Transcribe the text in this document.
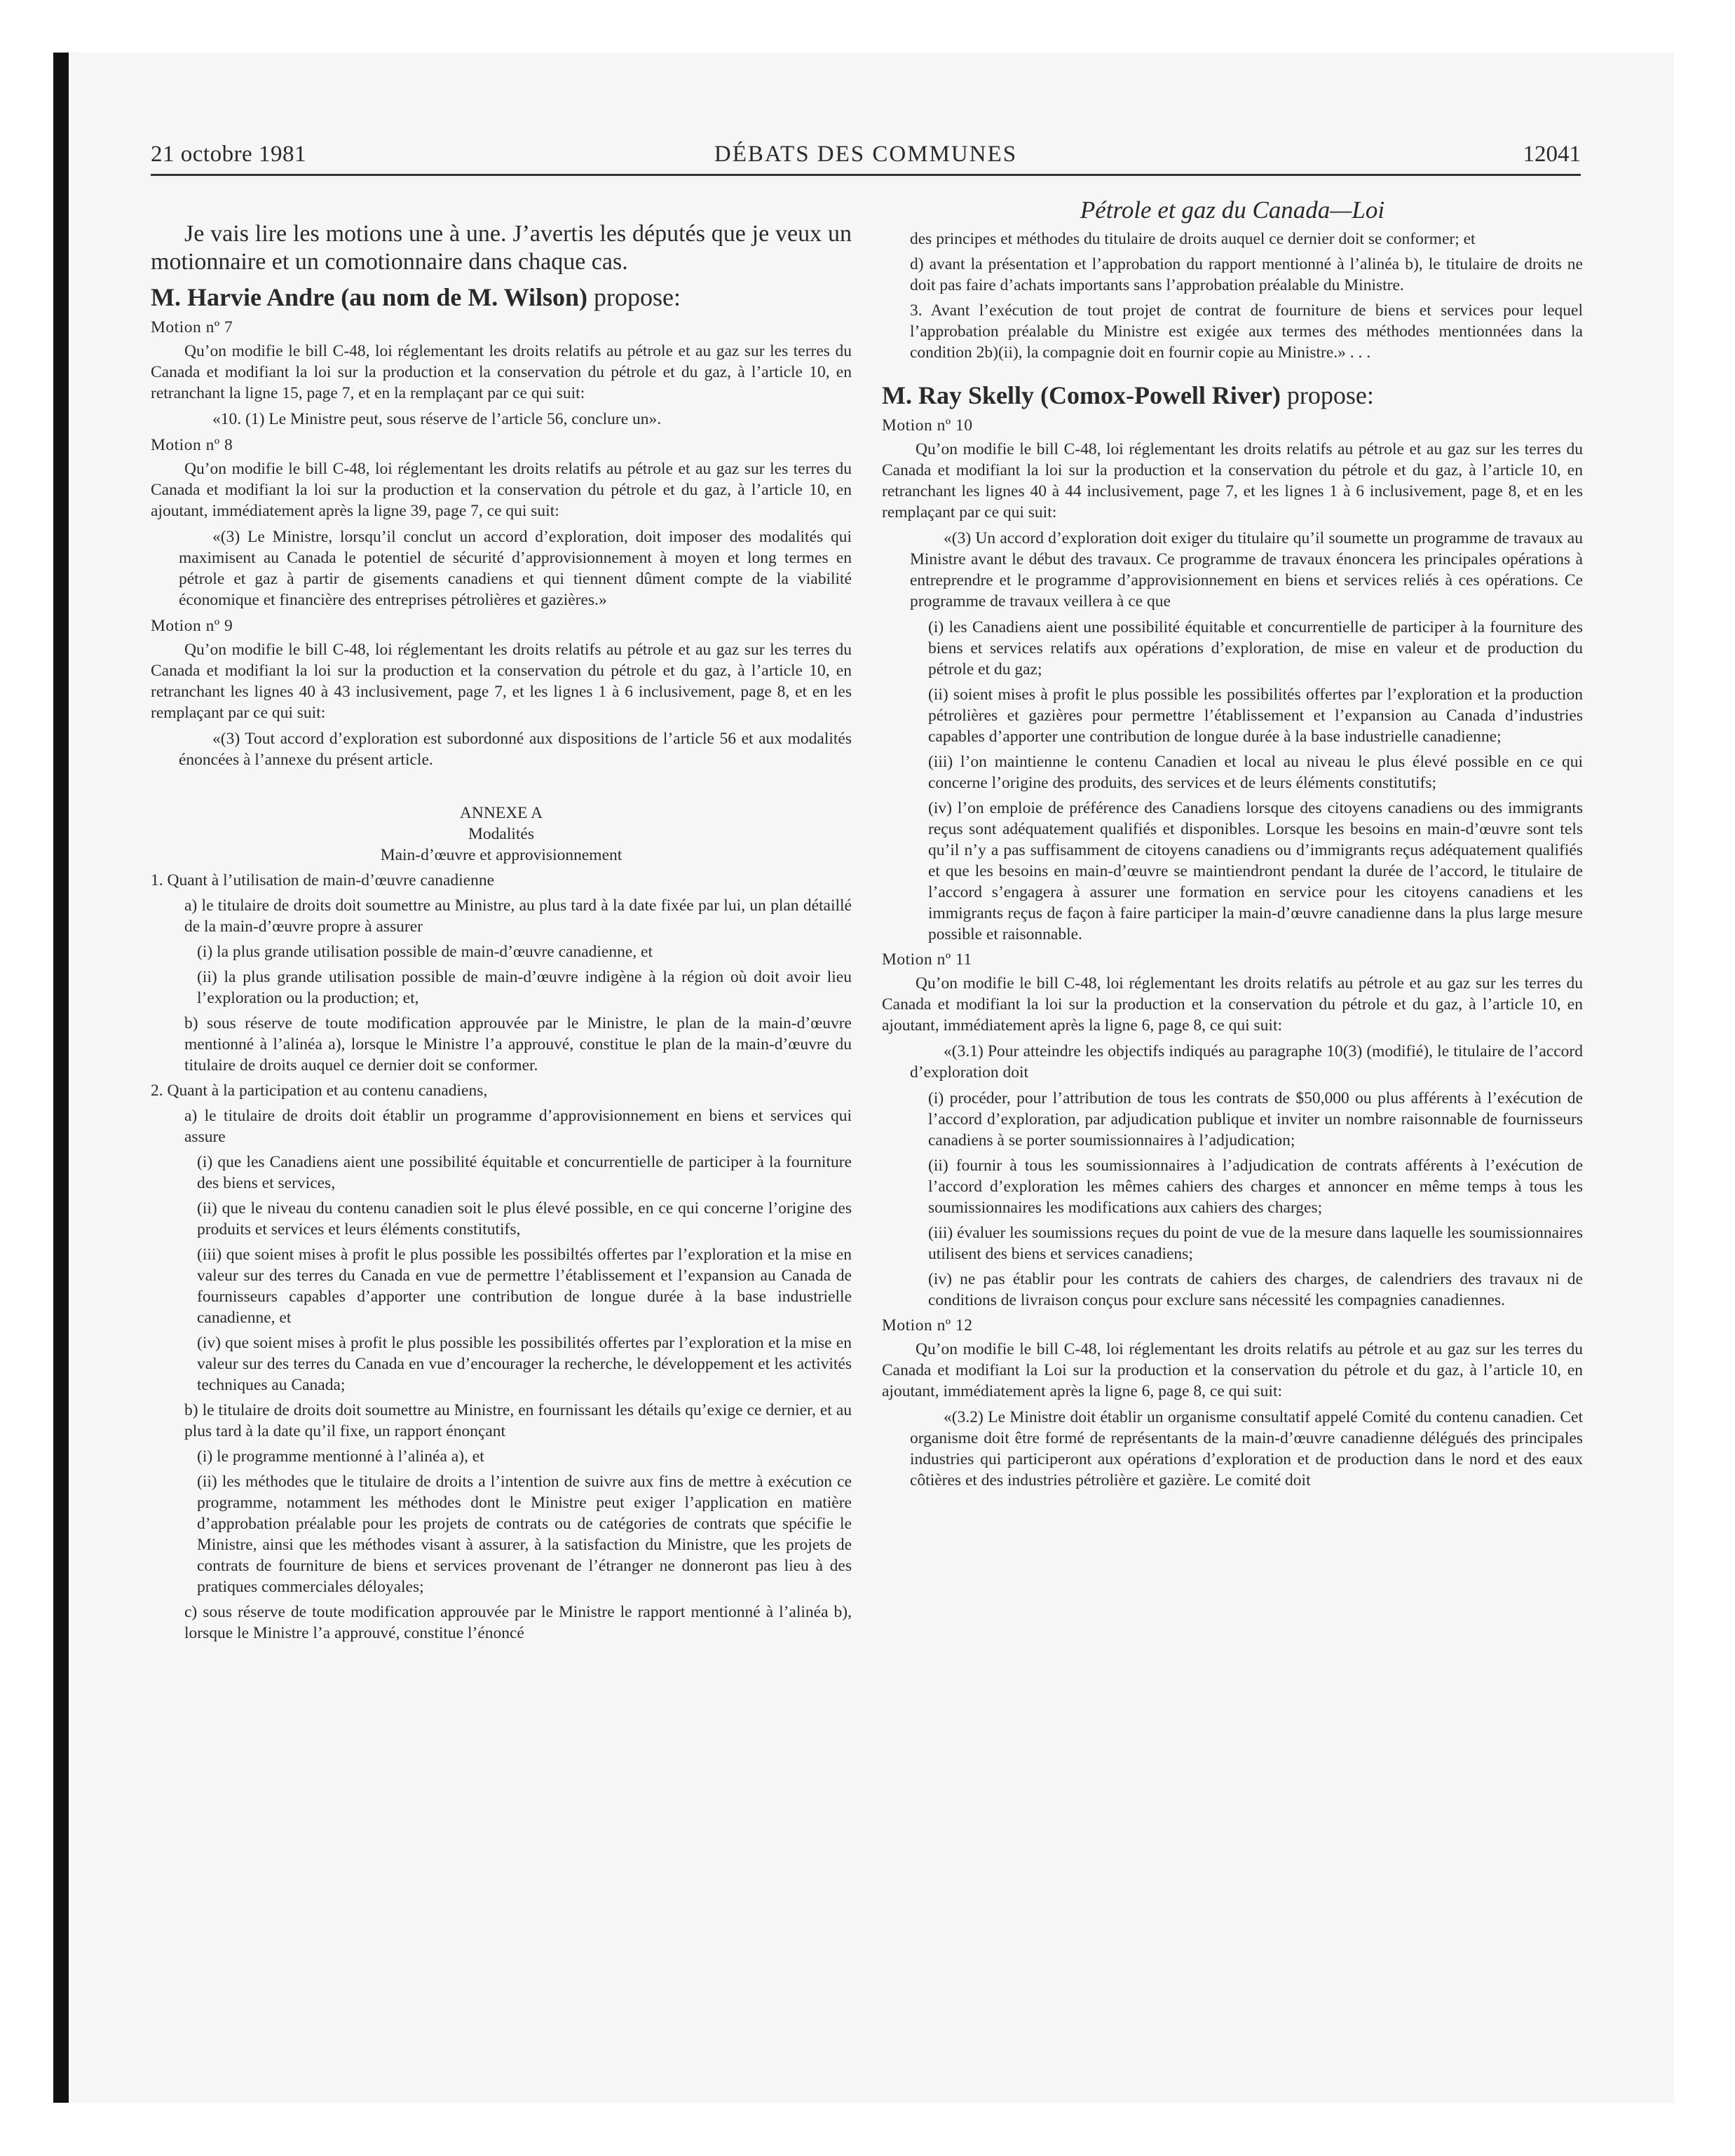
21 octobre 1981	DÉBATS DES COMMUNES	12041

Je vais lire les motions une à une. J’avertis les députés que je veux un motionnaire et un comotionnaire dans chaque cas.

M. Harvie Andre (au nom de M. Wilson) propose:

Motion nº 7

Qu’on modifie le bill C-48, loi réglementant les droits relatifs au pétrole et au gaz sur les terres du Canada et modifiant la loi sur la production et la conservation du pétrole et du gaz, à l’article 10, en retranchant la ligne 15, page 7, et en la remplaçant par ce qui suit:

«10. (1) Le Ministre peut, sous réserve de l’article 56, conclure un».

Motion nº 8

Qu’on modifie le bill C-48, loi réglementant les droits relatifs au pétrole et au gaz sur les terres du Canada et modifiant la loi sur la production et la conservation du pétrole et du gaz, à l’article 10, en ajoutant, immédiatement après la ligne 39, page 7, ce qui suit:

«(3) Le Ministre, lorsqu’il conclut un accord d’exploration, doit imposer des modalités qui maximisent au Canada le potentiel de sécurité d’approvisionnement à moyen et long termes en pétrole et gaz à partir de gisements canadiens et qui tiennent dûment compte de la viabilité économique et financière des entreprises pétrolières et gazières.»

Motion nº 9

Qu’on modifie le bill C-48, loi réglementant les droits relatifs au pétrole et au gaz sur les terres du Canada et modifiant la loi sur la production et la conservation du pétrole et du gaz, à l’article 10, en retranchant les lignes 40 à 43 inclusivement, page 7, et les lignes 1 à 6 inclusivement, page 8, et en les remplaçant par ce qui suit:

«(3) Tout accord d’exploration est subordonné aux dispositions de l’article 56 et aux modalités énoncées à l’annexe du présent article.

ANNEXE A

Modalités

Main-d’œuvre et approvisionnement

1. Quant à l’utilisation de main-d’œuvre canadienne

a) le titulaire de droits doit soumettre au Ministre, au plus tard à la date fixée par lui, un plan détaillé de la main-d’œuvre propre à assurer

(i) la plus grande utilisation possible de main-d’œuvre canadienne, et

(ii) la plus grande utilisation possible de main-d’œuvre indigène à la région où doit avoir lieu l’exploration ou la production; et,

b) sous réserve de toute modification approuvée par le Ministre, le plan de la main-d’œuvre mentionné à l’alinéa a), lorsque le Ministre l’a approuvé, constitue le plan de la main-d’œuvre du titulaire de droits auquel ce dernier doit se conformer.

2. Quant à la participation et au contenu canadiens,

a) le titulaire de droits doit établir un programme d’approvisionnement en biens et services qui assure

(i) que les Canadiens aient une possibilité équitable et concurrentielle de participer à la fourniture des biens et services,

(ii) que le niveau du contenu canadien soit le plus élevé possible, en ce qui concerne l’origine des produits et services et leurs éléments constitutifs,

(iii) que soient mises à profit le plus possible les possibiltés offertes par l’exploration et la mise en valeur sur des terres du Canada en vue de permettre l’établissement et l’expansion au Canada de fournisseurs capables d’apporter une contribution de longue durée à la base industrielle canadienne, et

(iv) que soient mises à profit le plus possible les possibilités offertes par l’exploration et la mise en valeur sur des terres du Canada en vue d’encourager la recherche, le développement et les activités techniques au Canada;

b) le titulaire de droits doit soumettre au Ministre, en fournissant les détails qu’exige ce dernier, et au plus tard à la date qu’il fixe, un rapport énonçant

(i) le programme mentionné à l’alinéa a), et

(ii) les méthodes que le titulaire de droits a l’intention de suivre aux fins de mettre à exécution ce programme, notamment les méthodes dont le Ministre peut exiger l’application en matière d’approbation préalable pour les projets de contrats ou de catégories de contrats que spécifie le Ministre, ainsi que les méthodes visant à assurer, à la satisfaction du Ministre, que les projets de contrats de fourniture de biens et services provenant de l’étranger ne donneront pas lieu à des pratiques commerciales déloyales;

c) sous réserve de toute modification approuvée par le Ministre le rapport mentionné à l’alinéa b), lorsque le Ministre l’a approuvé, constitue l’énoncé

Pétrole et gaz du Canada—Loi

des principes et méthodes du titulaire de droits auquel ce dernier doit se conformer; et

d) avant la présentation et l’approbation du rapport mentionné à l’alinéa b), le titulaire de droits ne doit pas faire d’achats importants sans l’approbation préalable du Ministre.

3. Avant l’exécution de tout projet de contrat de fourniture de biens et services pour lequel l’approbation préalable du Ministre est exigée aux termes des méthodes mentionnées dans la condition 2b)(ii), la compagnie doit en fournir copie au Ministre.» . . .

M. Ray Skelly (Comox-Powell River) propose:

Motion nº 10

Qu’on modifie le bill C-48, loi réglementant les droits relatifs au pétrole et au gaz sur les terres du Canada et modifiant la loi sur la production et la conservation du pétrole et du gaz, à l’article 10, en retranchant les lignes 40 à 44 inclusivement, page 7, et les lignes 1 à 6 inclusivement, page 8, et en les remplaçant par ce qui suit:

«(3) Un accord d’exploration doit exiger du titulaire qu’il soumette un programme de travaux au Ministre avant le début des travaux. Ce programme de travaux énoncera les principales opérations à entreprendre et le programme d’approvisionnement en biens et services reliés à ces opérations. Ce programme de travaux veillera à ce que

(i) les Canadiens aient une possibilité équitable et concurrentielle de participer à la fourniture des biens et services relatifs aux opérations d’exploration, de mise en valeur et de production du pétrole et du gaz;

(ii) soient mises à profit le plus possible les possibilités offertes par l’exploration et la production pétrolières et gazières pour permettre l’établissement et l’expansion au Canada d’industries capables d’apporter une contribution de longue durée à la base industrielle canadienne;

(iii) l’on maintienne le contenu Canadien et local au niveau le plus élevé possible en ce qui concerne l’origine des produits, des services et de leurs éléments constitutifs;

(iv) l’on emploie de préférence des Canadiens lorsque des citoyens canadiens ou des immigrants reçus sont adéquatement qualifiés et disponibles. Lorsque les besoins en main-d’œuvre sont tels qu’il n’y a pas suffisamment de citoyens canadiens ou d’immigrants reçus adéquatement qualifiés et que les besoins en main-d’œuvre se maintiendront pendant la durée de l’accord, le titulaire de l’accord s’engagera à assurer une formation en service pour les citoyens canadiens et les immigrants reçus de façon à faire participer la main-d’œuvre canadienne dans la plus large mesure possible et raisonnable.

Motion nº 11

Qu’on modifie le bill C-48, loi réglementant les droits relatifs au pétrole et au gaz sur les terres du Canada et modifiant la loi sur la production et la conservation du pétrole et du gaz, à l’article 10, en ajoutant, immédiatement après la ligne 6, page 8, ce qui suit:

«(3.1) Pour atteindre les objectifs indiqués au paragraphe 10(3) (modifié), le titulaire de l’accord d’exploration doit

(i) procéder, pour l’attribution de tous les contrats de $50,000 ou plus afférents à l’exécution de l’accord d’exploration, par adjudication publique et inviter un nombre raisonnable de fournisseurs canadiens à se porter soumissionnaires à l’adjudication;

(ii) fournir à tous les soumissionnaires à l’adjudication de contrats afférents à l’exécution de l’accord d’exploration les mêmes cahiers des charges et annoncer en même temps à tous les soumissionnaires les modifications aux cahiers des charges;

(iii) évaluer les soumissions reçues du point de vue de la mesure dans laquelle les soumissionnaires utilisent des biens et services canadiens;

(iv) ne pas établir pour les contrats de cahiers des charges, de calendriers des travaux ni de conditions de livraison conçus pour exclure sans nécessité les compagnies canadiennes.

Motion nº 12

Qu’on modifie le bill C-48, loi réglementant les droits relatifs au pétrole et au gaz sur les terres du Canada et modifiant la Loi sur la production et la conservation du pétrole et du gaz, à l’article 10, en ajoutant, immédiatement après la ligne 6, page 8, ce qui suit:

«(3.2) Le Ministre doit établir un organisme consultatif appelé Comité du contenu canadien. Cet organisme doit être formé de représentants de la main-d’œuvre canadienne délégués des principales industries qui participeront aux opérations d’exploration et de production dans le nord et des eaux côtières et des industries pétrolière et gazière. Le comité doit
